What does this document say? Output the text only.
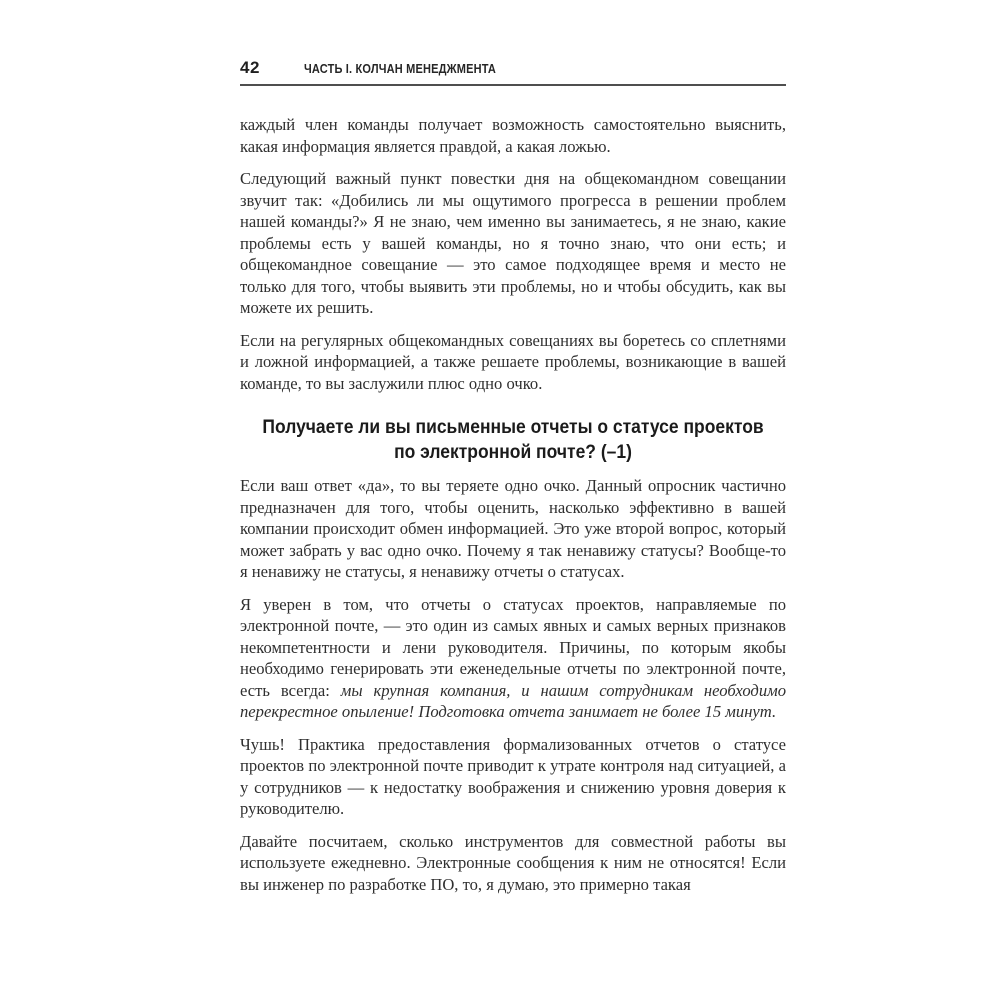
42	ЧАСТЬ I. КОЛЧАН МЕНЕДЖМЕНТА

каждый член команды получает возможность самостоятельно выяснить, какая информация является правдой, а какая ложью.

Следующий важный пункт повестки дня на общекомандном совещании звучит так: «Добились ли мы ощутимого прогресса в решении проблем нашей команды?» Я не знаю, чем именно вы занимаетесь, я не знаю, какие проблемы есть у вашей команды, но я точно знаю, что они есть; и общекомандное совещание — это самое подходящее время и место не только для того, чтобы выявить эти проблемы, но и чтобы обсудить, как вы можете их решить.

Если на регулярных общекомандных совещаниях вы боретесь со сплетнями и ложной информацией, а также решаете проблемы, возникающие в вашей команде, то вы заслужили плюс одно очко.

Получаете ли вы письменные отчеты о статусе проектов
по электронной почте? (–1)

Если ваш ответ «да», то вы теряете одно очко. Данный опросник частично предназначен для того, чтобы оценить, насколько эффективно в вашей компании происходит обмен информацией. Это уже второй вопрос, который может забрать у вас одно очко. Почему я так ненавижу статусы? Вообще-то я ненавижу не статусы, я ненавижу отчеты о статусах.

Я уверен в том, что отчеты о статусах проектов, направляемые по электронной почте, — это один из самых явных и самых верных признаков некомпетентности и лени руководителя. Причины, по которым якобы необходимо генерировать эти еженедельные отчеты по электронной почте, есть всегда: мы крупная компания, и нашим сотрудникам необходимо перекрестное опыление! Подготовка отчета занимает не более 15 минут.

Чушь! Практика предоставления формализованных отчетов о статусе проектов по электронной почте приводит к утрате контроля над ситуацией, а у сотрудников — к недостатку воображения и снижению уровня доверия к руководителю.

Давайте посчитаем, сколько инструментов для совместной работы вы используете ежедневно. Электронные сообщения к ним не относятся! Если вы инженер по разработке ПО, то, я думаю, это примерно такая
